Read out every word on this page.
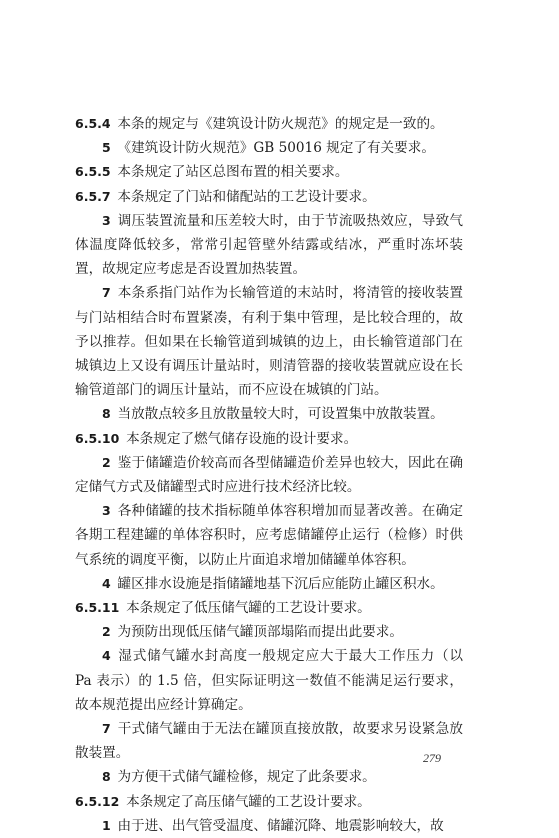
6.5.4  本条的规定与《建筑设计防火规范》的规定是一致的。

5  《建筑设计防火规范》GB 50016 规定了有关要求。

6.5.5  本条规定了站区总图布置的相关要求。

6.5.7  本条规定了门站和储配站的工艺设计要求。

3  调压装置流量和压差较大时，由于节流吸热效应，导致气体温度降低较多，常常引起管壁外结露或结冰，严重时冻坏装置，故规定应考虑是否设置加热装置。

7  本条系指门站作为长输管道的末站时，将清管的接收装置与门站相结合时布置紧凑，有利于集中管理，是比较合理的，故予以推荐。但如果在长输管道到城镇的边上，由长输管道部门在城镇边上又设有调压计量站时，则清管器的接收装置就应设在长输管道部门的调压计量站，而不应设在城镇的门站。

8  当放散点较多且放散量较大时，可设置集中放散装置。

6.5.10  本条规定了燃气储存设施的设计要求。

2  鉴于储罐造价较高而各型储罐造价差异也较大，因此在确定储气方式及储罐型式时应进行技术经济比较。

3  各种储罐的技术指标随单体容积增加而显著改善。在确定各期工程建罐的单体容积时，应考虑储罐停止运行（检修）时供气系统的调度平衡，以防止片面追求增加储罐单体容积。

4  罐区排水设施是指储罐地基下沉后应能防止罐区积水。

6.5.11  本条规定了低压储气罐的工艺设计要求。

2  为预防出现低压储气罐顶部塌陷而提出此要求。

4  湿式储气罐水封高度一般规定应大于最大工作压力（以 Pa 表示）的 1.5 倍，但实际证明这一数值不能满足运行要求，故本规范提出应经计算确定。

7  干式储气罐由于无法在罐顶直接放散，故要求另设紧急放散装置。

8  为方便干式储气罐检修，规定了此条要求。

6.5.12  本条规定了高压储气罐的工艺设计要求。

1  由于进、出气管受温度、储罐沉降、地震影响较大，故

279
